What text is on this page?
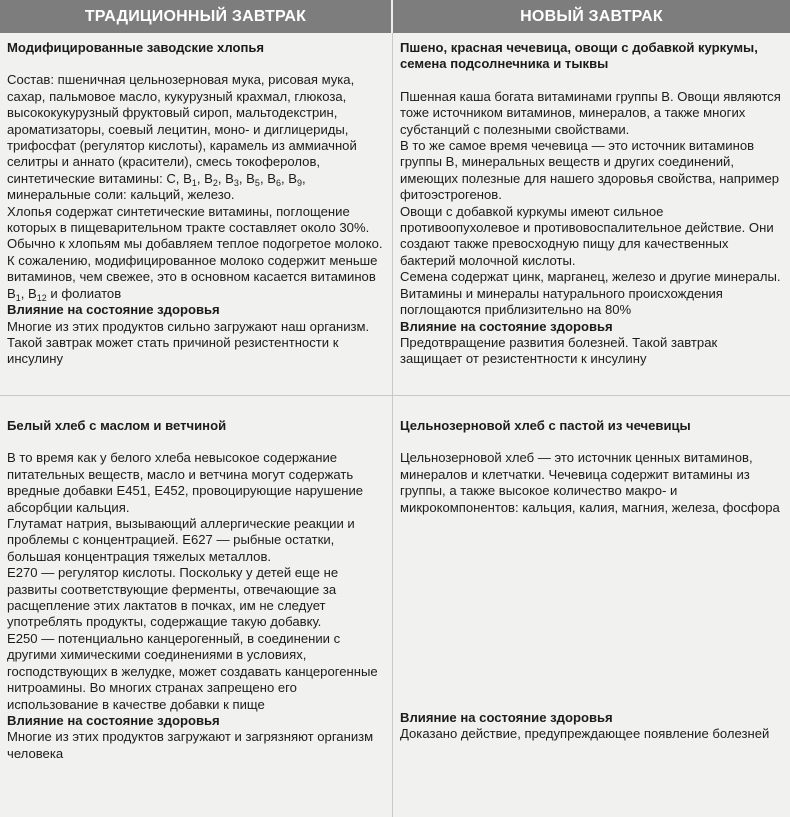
ТРАДИЦИОННЫЙ ЗАВТРАК	НОВЫЙ ЗАВТРАК

Модифицированные заводские хлопья

Состав: пшеничная цельнозерновая мука, рисовая мука, сахар, пальмовое масло, кукурузный крахмал, глюкоза, высококукурузный фруктовый сироп, мальтодекстрин, ароматизаторы, соевый лецитин, моно- и диглицериды, трифосфат (регулятор кислоты), карамель из аммиачной селитры и аннато (красители), смесь токоферолов, синтетические витамины: С, $B_1$, $B_2$, $B_3$, $B_5$, $B_6$, $B_9$, минеральные соли: кальций, железо.

Хлопья содержат синтетические витамины, поглощение которых в пищеварительном тракте составляет около 30%.

Обычно к хлопьям мы добавляем теплое подогретое молоко. К сожалению, модифицированное молоко содержит меньше витаминов, чем свежее, это в основном касается витаминов $B_1$, $B_{12}$ и фолиатов

Влияние на состояние здоровья

Многие из этих продуктов сильно загружают наш организм. Такой завтрак может стать причиной резистентности к инсулину

Пшено, красная чечевица, овощи с добавкой куркумы, семена подсолнечника и тыквы

Пшенная каша богата витаминами группы В. Овощи являются тоже источником витаминов, минералов, а также многих субстанций с полезными свойствами.

В то же самое время чечевица — это источник витаминов группы В, минеральных веществ и других соединений, имеющих полезные для нашего здоровья свойства, например фитоэстрогенов.

Овощи с добавкой куркумы имеют сильное противоопухолевое и противовоспалительное действие. Они создают также превосходную пищу для качественных бактерий молочной кислоты.

Семена содержат цинк, марганец, железо и другие минералы.

Витамины и минералы натурального происхождения поглощаются приблизительно на 80%

Влияние на состояние здоровья

Предотвращение развития болезней. Такой завтрак защищает от резистентности к инсулину

Белый хлеб с маслом и ветчиной

В то время как у белого хлеба невысокое содержание питательных веществ, масло и ветчина могут содержать вредные добавки Е451, Е452, провоцирующие нарушение абсорбции кальция.

Глутамат натрия, вызывающий аллергические реакции и проблемы с концентрацией. Е627 — рыбные остатки, большая концентрация тяжелых металлов.

Е270 — регулятор кислоты. Поскольку у детей еще не развиты соответствующие ферменты, отвечающие за расщепление этих лактатов в почках, им не следует употреблять продукты, содержащие такую добавку.

Е250 — потенциально канцерогенный, в соединении с другими химическими соединениями в условиях, господствующих в желудке, может создавать канцерогенные нитроамины. Во многих странах запрещено его использование в качестве добавки к пище

Влияние на состояние здоровья

Многие из этих продуктов загружают и загрязняют организм человека

Цельнозерновой хлеб с пастой из чечевицы

Цельнозерновой хлеб — это источник ценных витаминов, минералов и клетчатки. Чечевица содержит витамины из группы, а также высокое количество макро- и микрокомпонентов: кальция, калия, магния, железа, фосфора

Влияние на состояние здоровья

Доказано действие, предупреждающее появление болезней
